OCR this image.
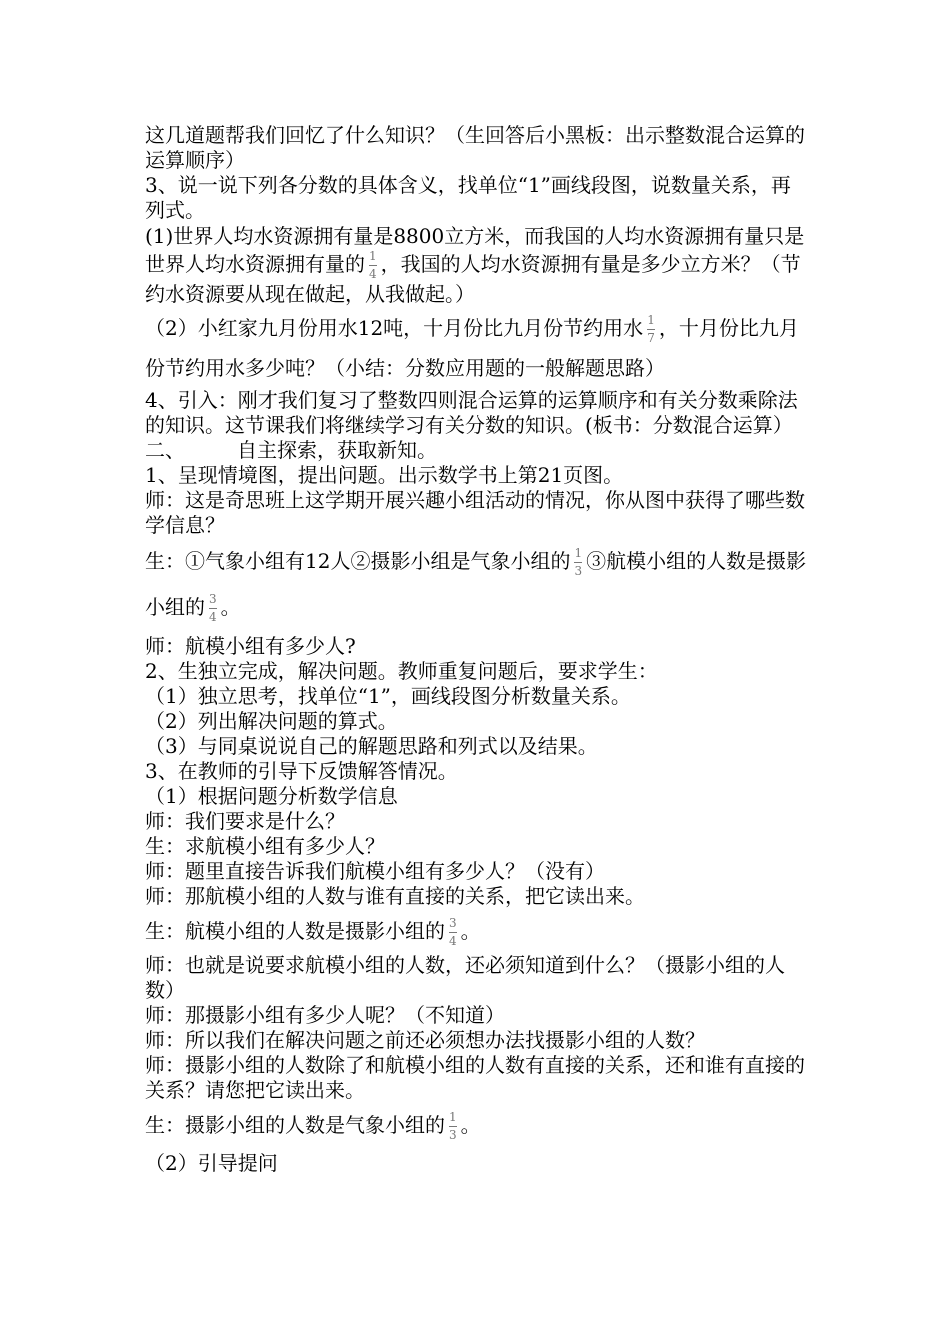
这几道题帮我们回忆了什么知识？（生回答后小黑板：出示整数混合运算的运算顺序）

3、说一说下列各分数的具体含义，找单位“1”画线段图，说数量关系，再列式。

(1)世界人均水资源拥有量是8800立方米，而我国的人均水资源拥有量只是世界人均水资源拥有量的 $\frac{1}{4}$ ，我国的人均水资源拥有量是多少立方米？（节约水资源要从现在做起，从我做起。）

（2）小红家九月份用水12吨，十月份比九月份节约用水 $\frac{1}{7}$ ，十月份比九月份节约用水多少吨？（小结：分数应用题的一般解题思路）

4、引入：刚才我们复习了整数四则混合运算的运算顺序和有关分数乘除法的知识。这节课我们将继续学习有关分数的知识。(板书：分数混合运算）

二、	自主探索，获取新知。

1、呈现情境图，提出问题。出示数学书上第21页图。

师：这是奇思班上这学期开展兴趣小组活动的情况，你从图中获得了哪些数学信息？

生：①气象小组有12人②摄影小组是气象小组的 $\frac{1}{3}$ ③航模小组的人数是摄影小组的 $\frac{3}{4}$ 。

师：航模小组有多少人?

2、生独立完成，解决问题。教师重复问题后，要求学生：

（1）独立思考，找单位“1”，画线段图分析数量关系。

（2）列出解决问题的算式。

（3）与同桌说说自己的解题思路和列式以及结果。

3、在教师的引导下反馈解答情况。

（1）根据问题分析数学信息

师：我们要求是什么？

生：求航模小组有多少人？

师：题里直接告诉我们航模小组有多少人？（没有）

师：那航模小组的人数与谁有直接的关系，把它读出来。

生：航模小组的人数是摄影小组的 $\frac{3}{4}$ 。

师：也就是说要求航模小组的人数，还必须知道到什么？（摄影小组的人数）

师：那摄影小组有多少人呢？（不知道）

师：所以我们在解决问题之前还必须想办法找摄影小组的人数？

师：摄影小组的人数除了和航模小组的人数有直接的关系，还和谁有直接的关系？请您把它读出来。

生：摄影小组的人数是气象小组的 $\frac{1}{3}$ 。

（2）引导提问
